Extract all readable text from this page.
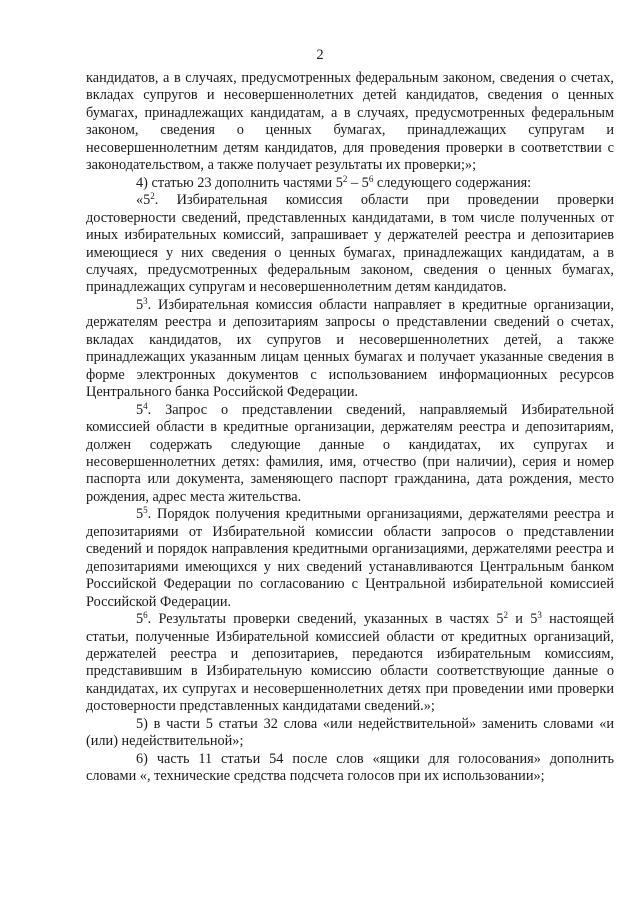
2

кандидатов, а в случаях, предусмотренных федеральным законом, сведения о счетах, вкладах супругов и несовершеннолетних детей кандидатов, сведения о ценных бумагах, принадлежащих кандидатам, а в случаях, предусмотренных федеральным законом, сведения о ценных бумагах, принадлежащих супругам и несовершеннолетним детям кандидатов, для проведения проверки в соответствии с законодательством, а также получает результаты их проверки;»;

4) статью 23 дополнить частями $5^2 - 5^6$ следующего содержания:

«$5^2$. Избирательная комиссия области при проведении проверки достоверности сведений, представленных кандидатами, в том числе полученных от иных избирательных комиссий, запрашивает у держателей реестра и депозитариев имеющиеся у них сведения о ценных бумагах, принадлежащих кандидатам, а в случаях, предусмотренных федеральным законом, сведения о ценных бумагах, принадлежащих супругам и несовершеннолетним детям кандидатов.

$5^3$. Избирательная комиссия области направляет в кредитные организации, держателям реестра и депозитариям запросы о представлении сведений о счетах, вкладах кандидатов, их супругов и несовершеннолетних детей, а также принадлежащих указанным лицам ценных бумагах и получает указанные сведения в форме электронных документов с использованием информационных ресурсов Центрального банка Российской Федерации.

$5^4$. Запрос о представлении сведений, направляемый Избирательной комиссией области в кредитные организации, держателям реестра и депозитариям, должен содержать следующие данные о кандидатах, их супругах и несовершеннолетних детях: фамилия, имя, отчество (при наличии), серия и номер паспорта или документа, заменяющего паспорт гражданина, дата рождения, место рождения, адрес места жительства.

$5^5$. Порядок получения кредитными организациями, держателями реестра и депозитариями от Избирательной комиссии области запросов о представлении сведений и порядок направления кредитными организациями, держателями реестра и депозитариями имеющихся у них сведений устанавливаются Центральным банком Российской Федерации по согласованию с Центральной избирательной комиссией Российской Федерации.

$5^6$. Результаты проверки сведений, указанных в частях $5^2$ и $5^3$ настоящей статьи, полученные Избирательной комиссией области от кредитных организаций, держателей реестра и депозитариев, передаются избирательным комиссиям, представившим в Избирательную комиссию области соответствующие данные о кандидатах, их супругах и несовершеннолетних детях при проведении ими проверки достоверности представленных кандидатами сведений.»;

5) в части 5 статьи 32 слова «или недействительной» заменить словами «и (или) недействительной»;

6) часть 11 статьи 54 после слов «ящики для голосования» дополнить словами «, технические средства подсчета голосов при их использовании»;
